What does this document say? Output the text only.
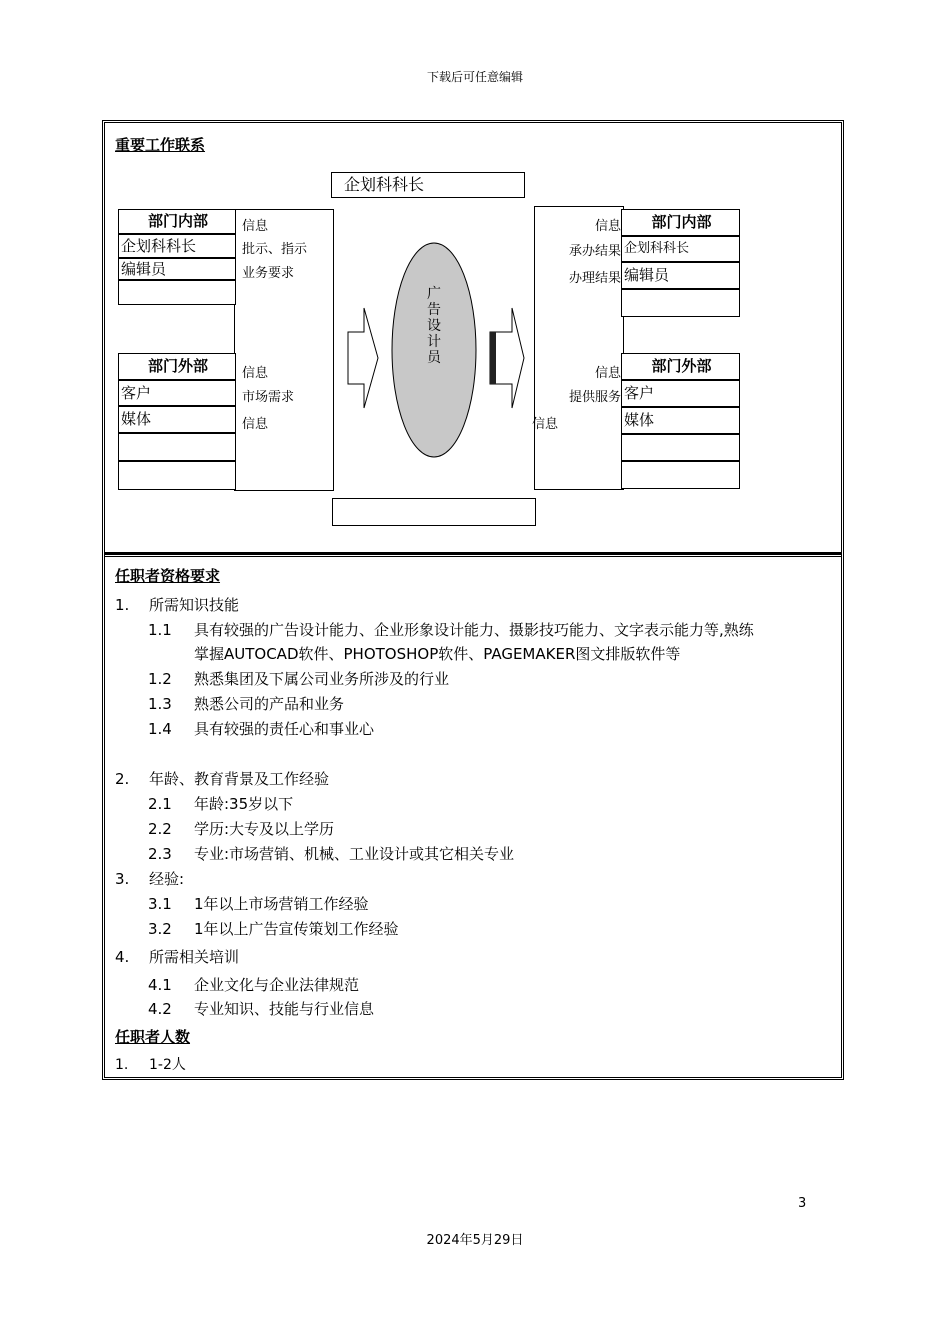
下载后可任意编辑
重要工作联系
企划科科长
部门内部
企划科科长
编辑员
信息
批示、指示
业务要求
部门外部
客户
媒体
信息
市场需求
信息
广告设计员
部门内部
企划科科长
编辑员
信息
承办结果
办理结果
部门外部
客户
媒体
信息
提供服务
信息
任职者资格要求
1. 所需知识技能
1.1 具有较强的广告设计能力、企业形象设计能力、摄影技巧能力、文字表示能力等,熟练
掌握AUTOCAD软件、PHOTOSHOP软件、PAGEMAKER图文排版软件等
1.2 熟悉集团及下属公司业务所涉及的行业
1.3 熟悉公司的产品和业务
1.4 具有较强的责任心和事业心
2. 年龄、教育背景及工作经验
2.1 年龄:35岁以下
2.2 学历:大专及以上学历
2.3 专业:市场营销、机械、工业设计或其它相关专业
3. 经验:
3.1 1年以上市场营销工作经验
3.2 1年以上广告宣传策划工作经验
4. 所需相关培训
4.1 企业文化与企业法律规范
4.2 专业知识、技能与行业信息
任职者人数
1. 1-2人
3
2024年5月29日
